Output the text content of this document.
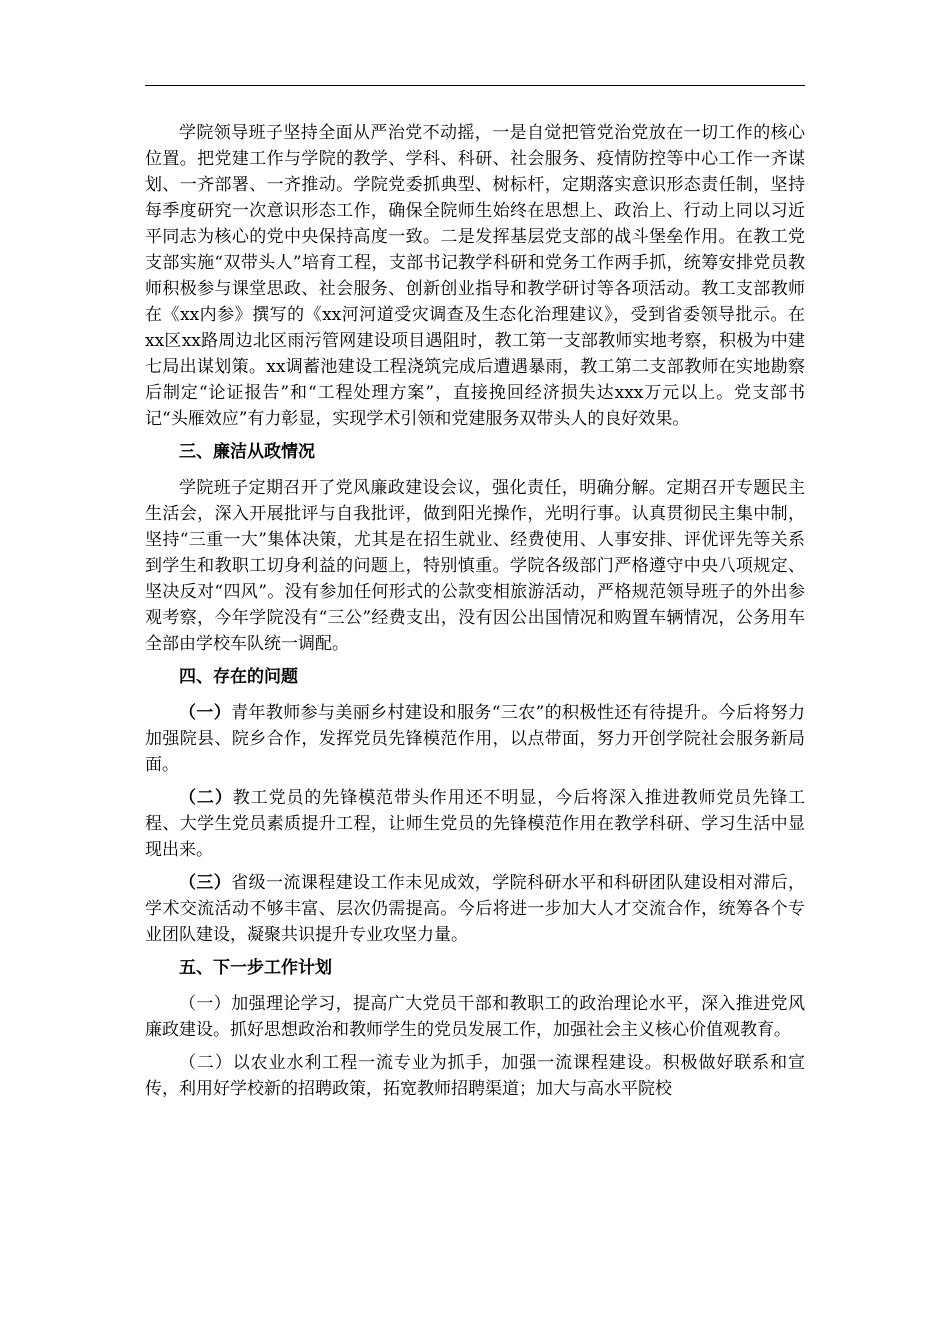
学院领导班子坚持全面从严治党不动摇，一是自觉把管党治党放在一切工作的核心位置。把党建工作与学院的教学、学科、科研、社会服务、疫情防控等中心工作一齐谋划、一齐部署、一齐推动。学院党委抓典型、树标杆，定期落实意识形态责任制，坚持每季度研究一次意识形态工作，确保全院师生始终在思想上、政治上、行动上同以习近平同志为核心的党中央保持高度一致。二是发挥基层党支部的战斗堡垒作用。在教工党支部实施“双带头人”培育工程，支部书记教学科研和党务工作两手抓，统筹安排党员教师积极参与课堂思政、社会服务、创新创业指导和教学研讨等各项活动。教工支部教师在《xx内参》撰写的《xx河河道受灾调查及生态化治理建议》，受到省委领导批示。在xx区xx路周边北区雨污管网建设项目遇阻时，教工第一支部教师实地考察，积极为中建七局出谋划策。xx调蓄池建设工程浇筑完成后遭遇暴雨，教工第二支部教师在实地勘察后制定“论证报告”和“工程处理方案”，直接挽回经济损失达xxx万元以上。党支部书记“头雁效应”有力彰显，实现学术引领和党建服务双带头人的良好效果。

三、廉洁从政情况

学院班子定期召开了党风廉政建设会议，强化责任，明确分解。定期召开专题民主生活会，深入开展批评与自我批评，做到阳光操作，光明行事。认真贯彻民主集中制，坚持“三重一大”集体决策，尤其是在招生就业、经费使用、人事安排、评优评先等关系到学生和教职工切身利益的问题上，特别慎重。学院各级部门严格遵守中央八项规定、坚决反对“四风”。没有参加任何形式的公款变相旅游活动，严格规范领导班子的外出参观考察，今年学院没有“三公”经费支出，没有因公出国情况和购置车辆情况，公务用车全部由学校车队统一调配。

四、存在的问题

（一）青年教师参与美丽乡村建设和服务“三农”的积极性还有待提升。今后将努力加强院县、院乡合作，发挥党员先锋模范作用，以点带面，努力开创学院社会服务新局面。

（二）教工党员的先锋模范带头作用还不明显，今后将深入推进教师党员先锋工程、大学生党员素质提升工程，让师生党员的先锋模范作用在教学科研、学习生活中显现出来。

（三）省级一流课程建设工作未见成效，学院科研水平和科研团队建设相对滞后，学术交流活动不够丰富、层次仍需提高。今后将进一步加大人才交流合作，统筹各个专业团队建设，凝聚共识提升专业攻坚力量。

五、下一步工作计划

（一）加强理论学习，提高广大党员干部和教职工的政治理论水平，深入推进党风廉政建设。抓好思想政治和教师学生的党员发展工作，加强社会主义核心价值观教育。

（二）以农业水利工程一流专业为抓手，加强一流课程建设。积极做好联系和宣传，利用好学校新的招聘政策，拓宽教师招聘渠道；加大与高水平院校
